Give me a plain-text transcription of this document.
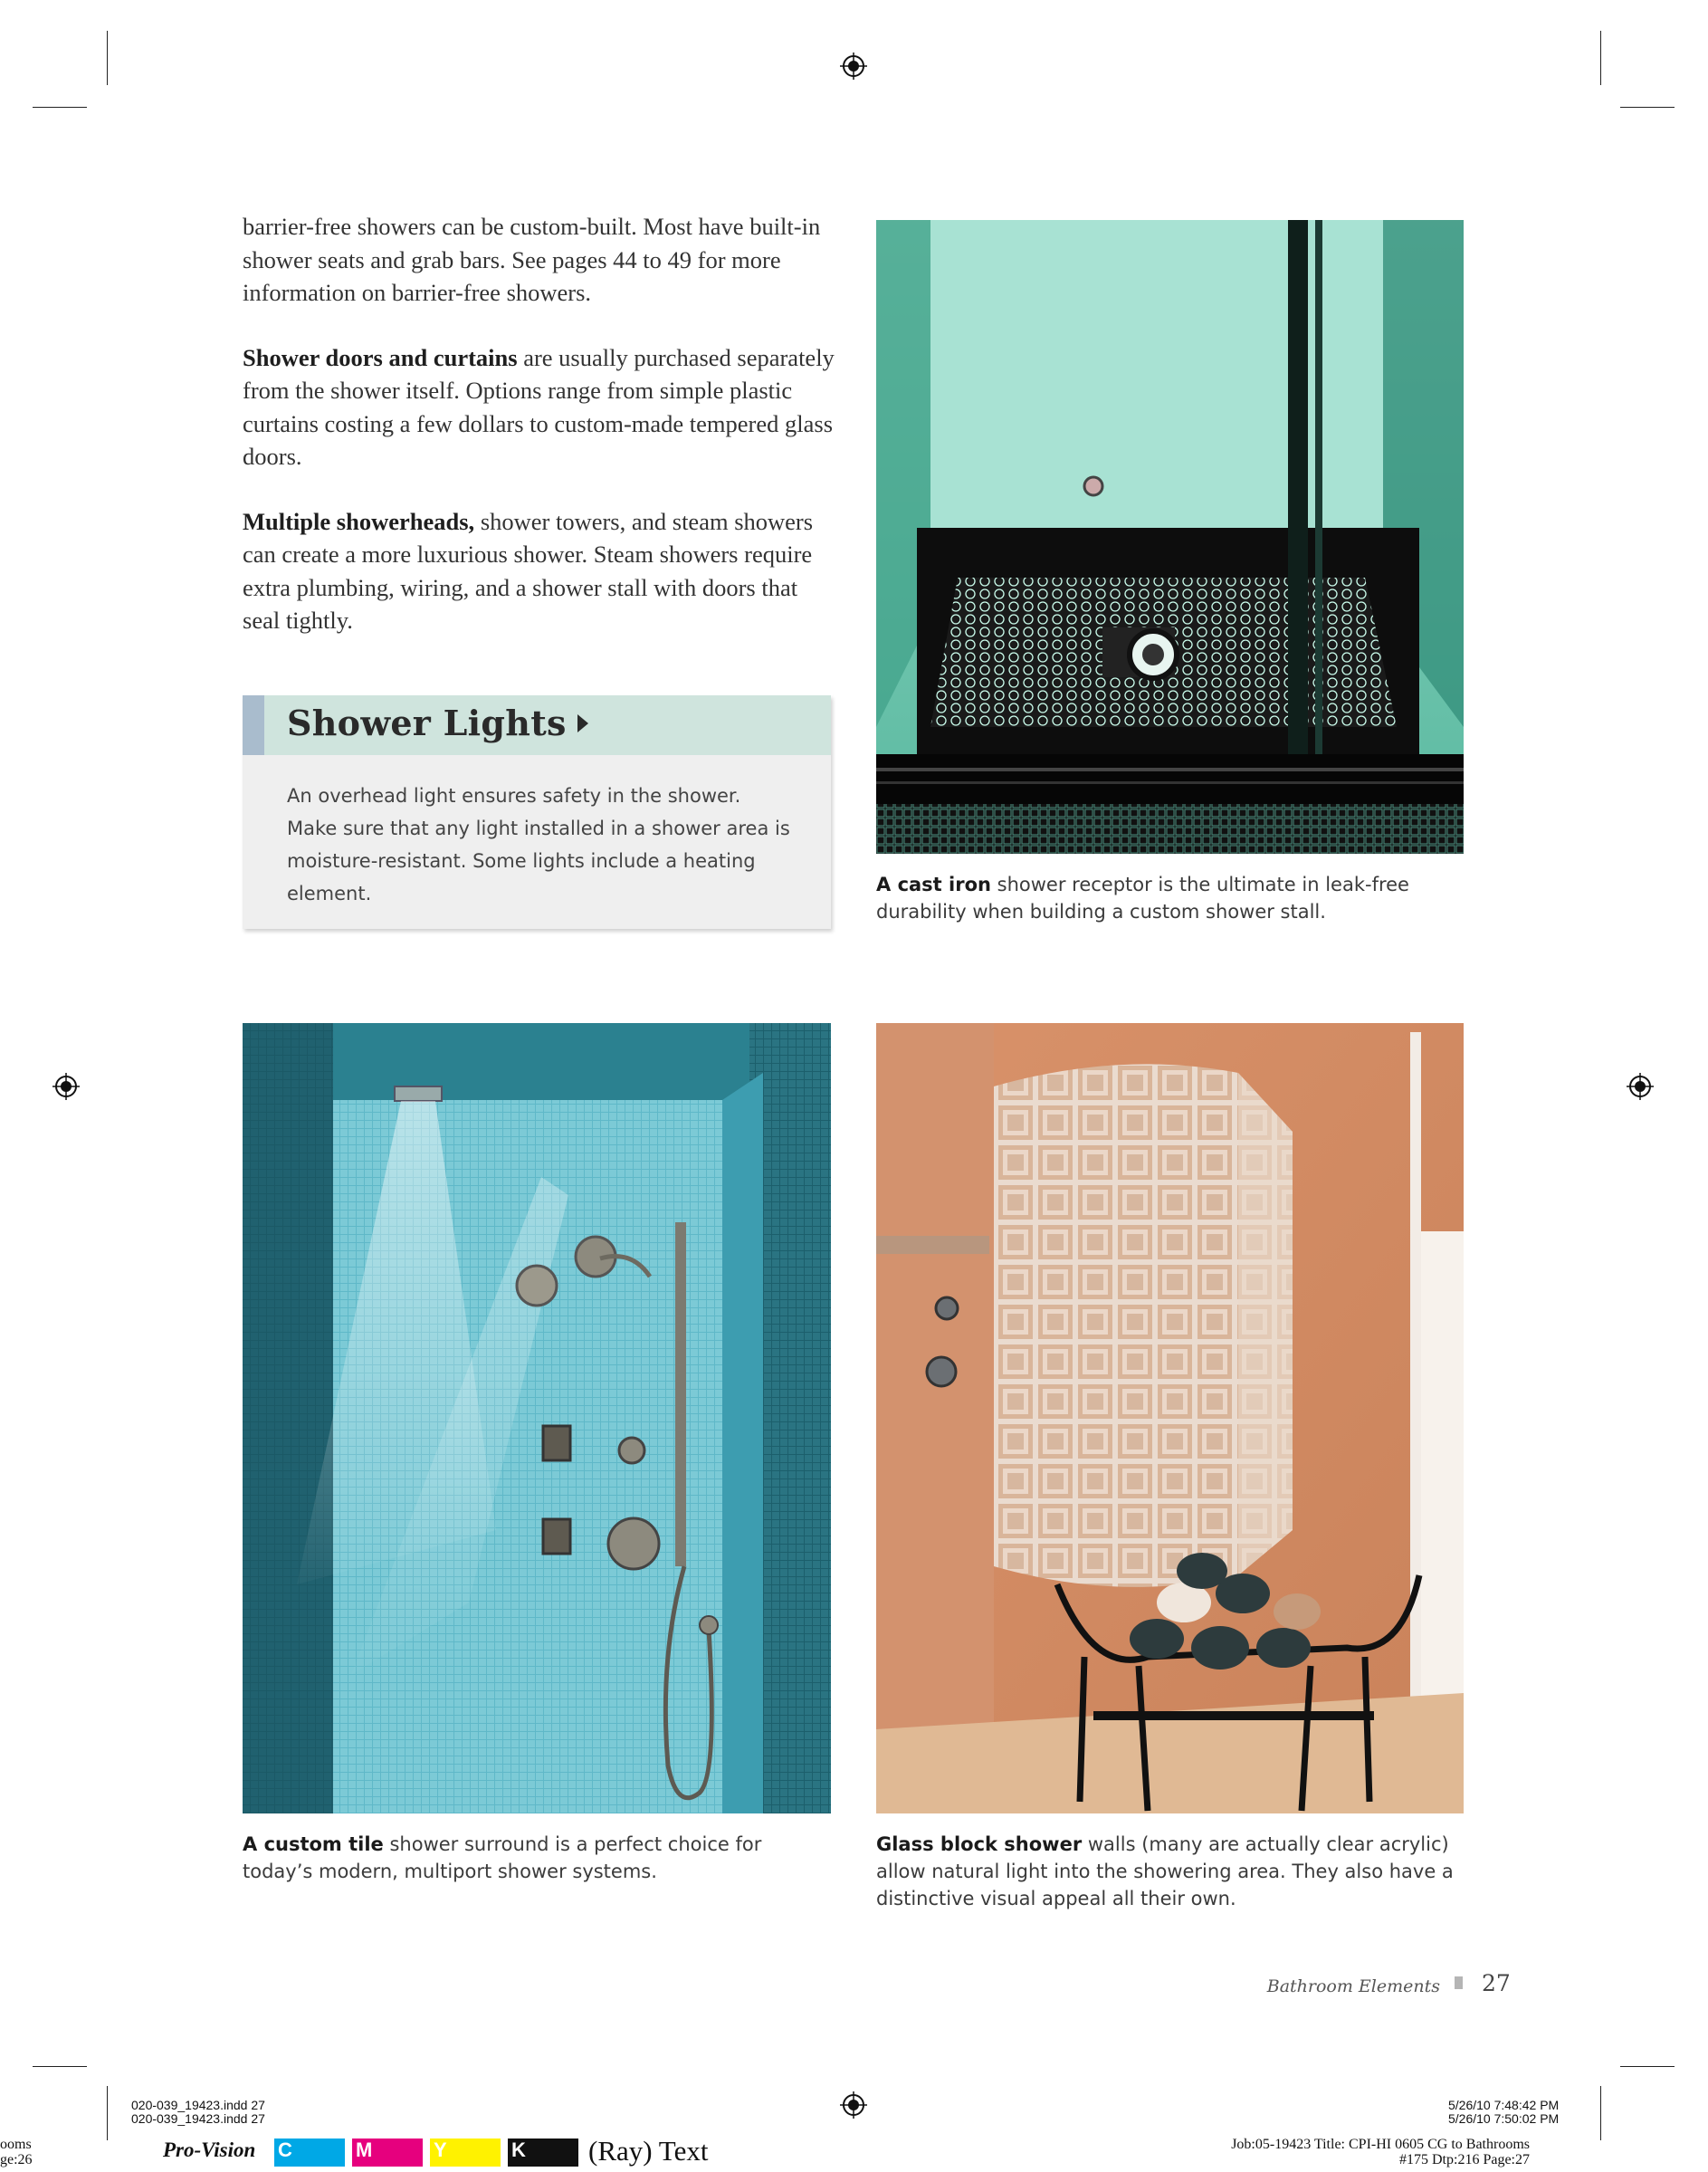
barrier-free showers can be custom-built. Most have built-in shower seats and grab bars. See pages 44 to 49 for more information on barrier-free showers.

Shower doors and curtains are usually purchased separately from the shower itself. Options range from simple plastic curtains costing a few dollars to custom-made tempered glass doors.

Multiple showerheads, shower towers, and steam showers can create a more luxurious shower. Steam showers require extra plumbing, wiring, and a shower stall with doors that seal tightly.

Shower Lights
An overhead light ensures safety in the shower. Make sure that any light installed in a shower area is moisture-resistant. Some lights include a heating element.	A cast iron shower receptor is the ultimate in leak-free durability when building a custom shower stall.
A custom tile shower surround is a perfect choice for today’s modern, multiport shower systems.
Glass block shower walls (many are actually clear acrylic) allow natural light into the showering area. They also have a distinctive visual appeal all their own.
Bathroom Elements 27
020-039_19423.indd 27
020-039_19423.indd 27
5/26/10 7:48:42 PM
5/26/10 7:50:02 PM
Job:05-19423 Title: CPI-HI 0605 CG to Bathrooms
#175 Dtp:216 Page:27
ooms
ge:26	Pro-Vision C	M	Y	K (Ray) Text
